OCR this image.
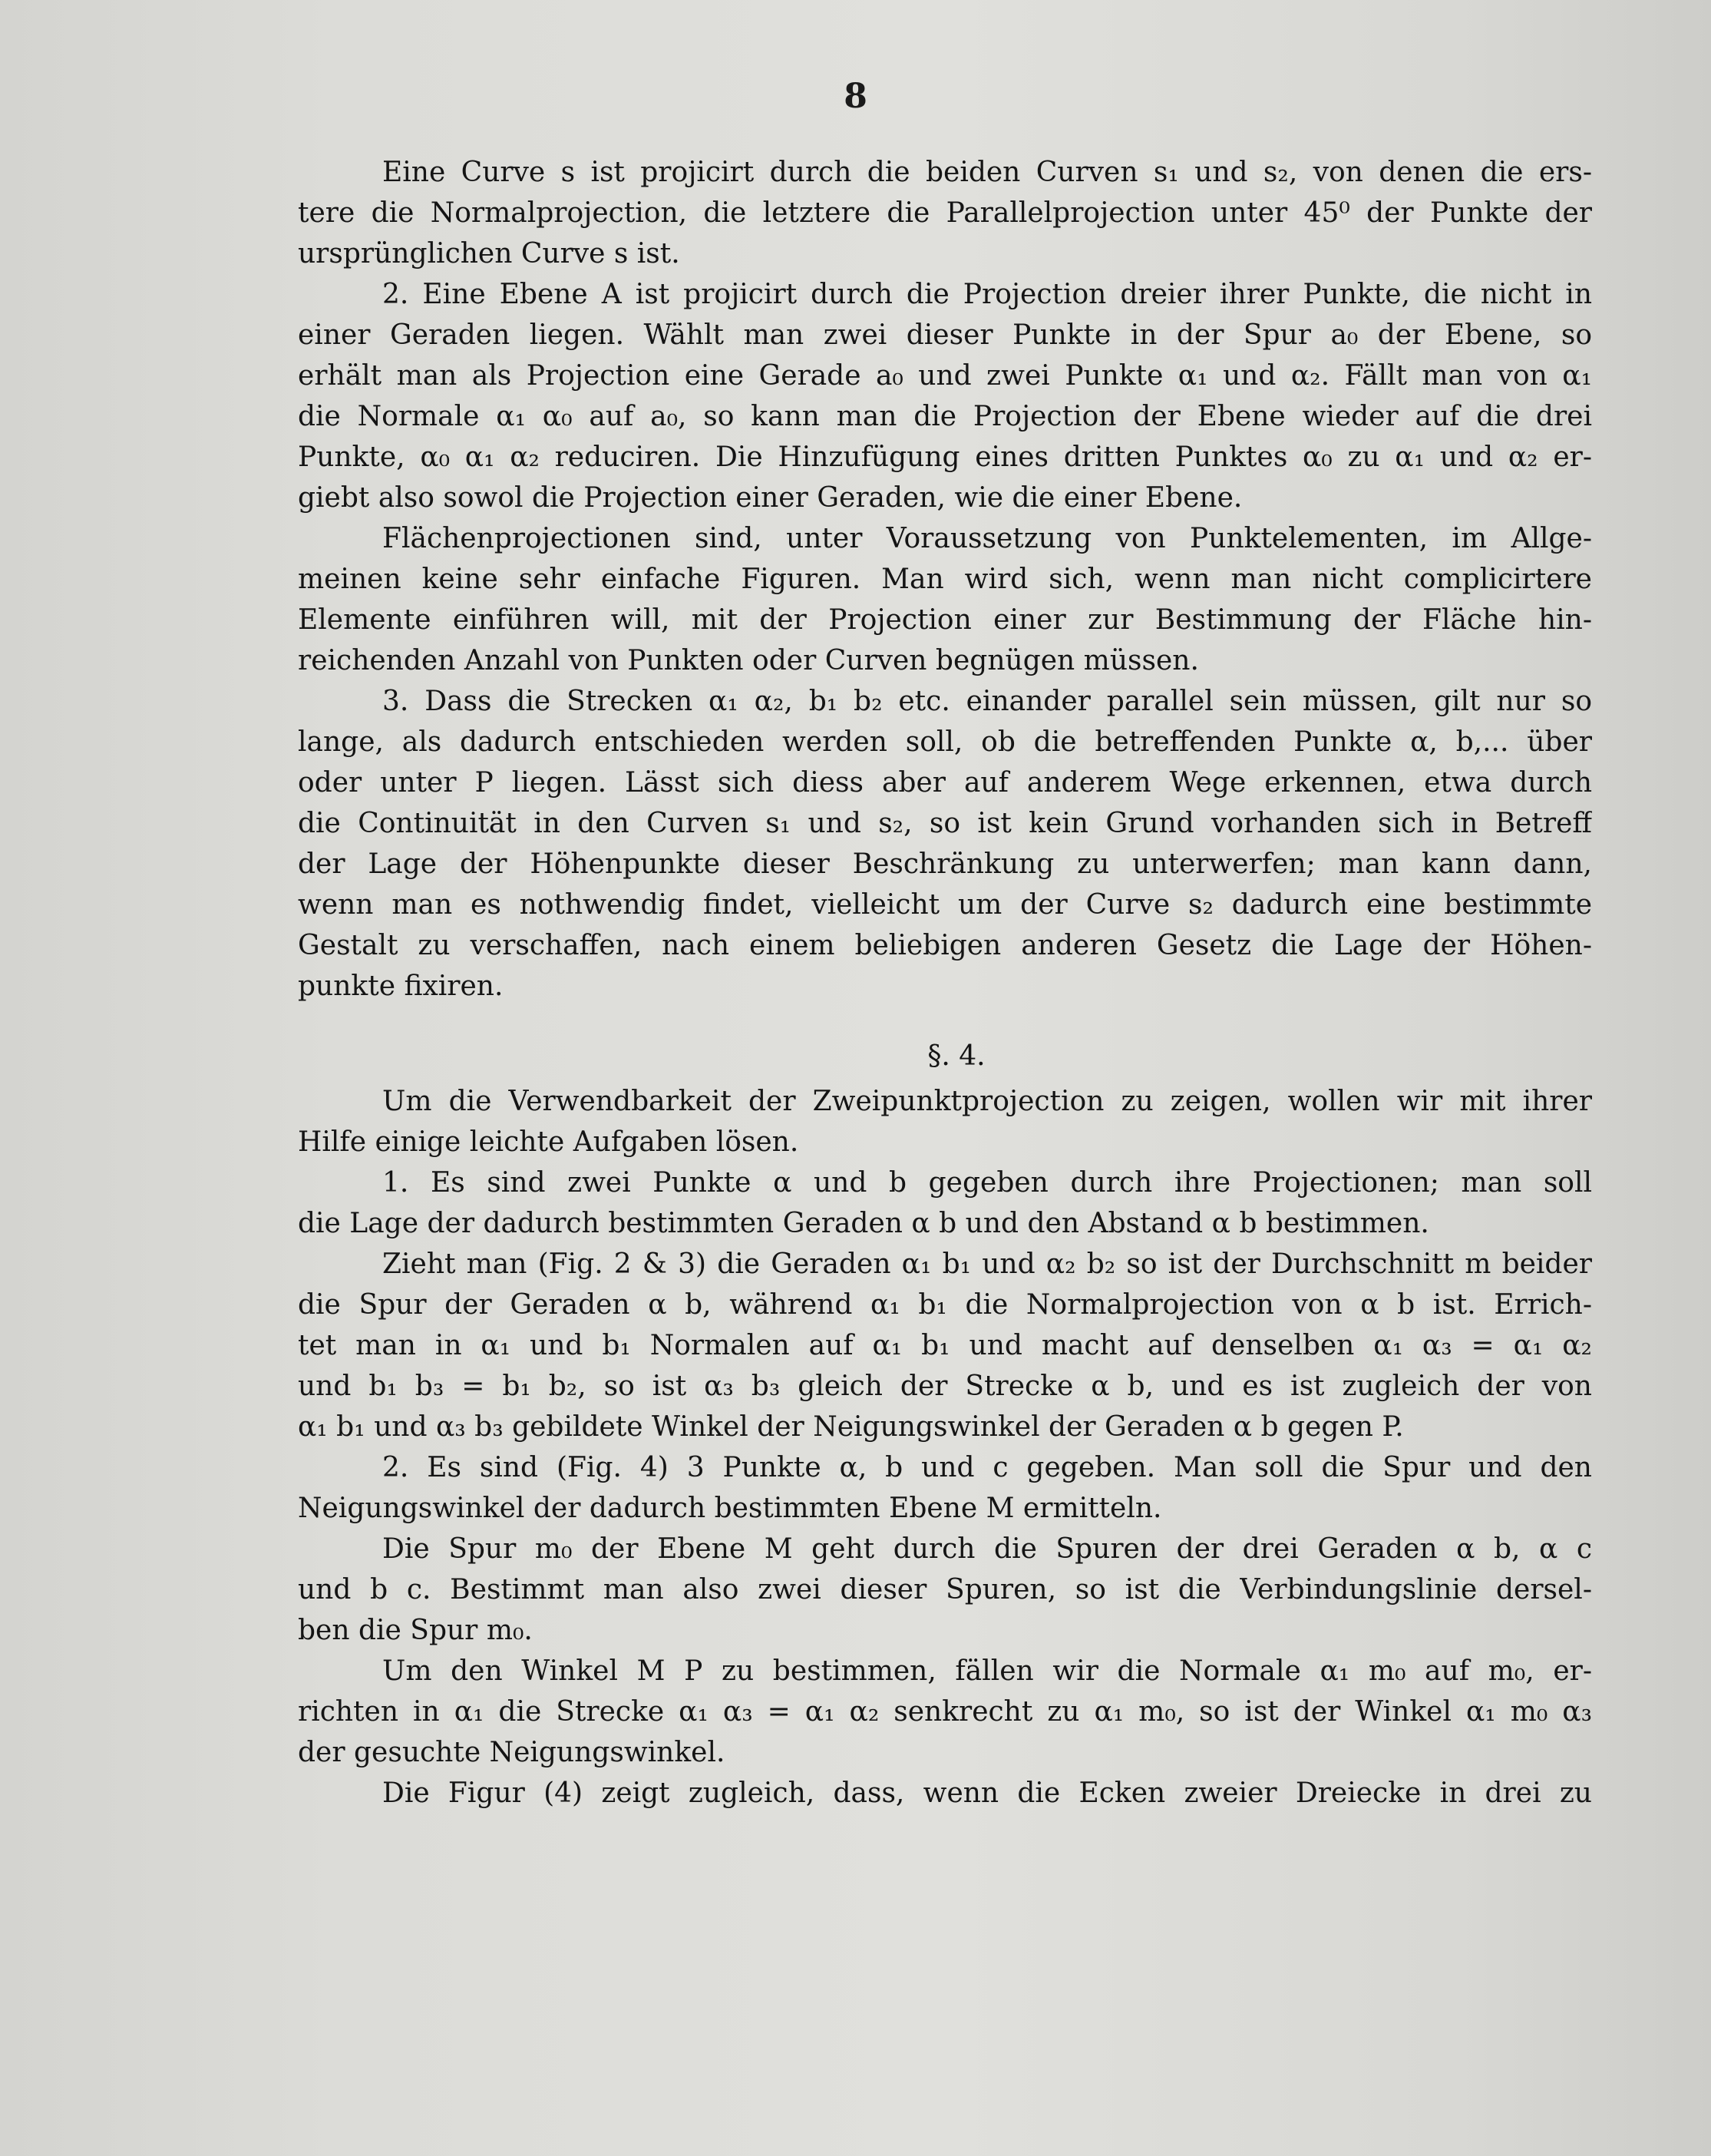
8
Eine Curve s ist projicirt durch die beiden Curven s₁ und s₂, von denen die ers-
tere die Normalprojection, die letztere die Parallelprojection unter 45⁰ der Punkte der
ursprünglichen Curve s ist.
2. Eine Ebene A ist projicirt durch die Projection dreier ihrer Punkte, die nicht in
einer Geraden liegen. Wählt man zwei dieser Punkte in der Spur a₀ der Ebene, so
erhält man als Projection eine Gerade a₀ und zwei Punkte α₁ und α₂. Fällt man von α₁
die Normale α₁ α₀ auf a₀, so kann man die Projection der Ebene wieder auf die drei
Punkte, α₀ α₁ α₂ reduciren. Die Hinzufügung eines dritten Punktes α₀ zu α₁ und α₂ er-
giebt also sowol die Projection einer Geraden, wie die einer Ebene.
Flächenprojectionen sind, unter Voraussetzung von Punktelementen, im Allge-
meinen keine sehr einfache Figuren. Man wird sich, wenn man nicht complicirtere
Elemente einführen will, mit der Projection einer zur Bestimmung der Fläche hin-
reichenden Anzahl von Punkten oder Curven begnügen müssen.
3. Dass die Strecken α₁ α₂, b₁ b₂ etc. einander parallel sein müssen, gilt nur so
lange, als dadurch entschieden werden soll, ob die betreffenden Punkte α, b,... über
oder unter P liegen. Lässt sich diess aber auf anderem Wege erkennen, etwa durch
die Continuität in den Curven s₁ und s₂, so ist kein Grund vorhanden sich in Betreff
der Lage der Höhenpunkte dieser Beschränkung zu unterwerfen; man kann dann,
wenn man es nothwendig findet, vielleicht um der Curve s₂ dadurch eine bestimmte
Gestalt zu verschaffen, nach einem beliebigen anderen Gesetz die Lage der Höhen-
punkte fixiren.
§. 4.
Um die Verwendbarkeit der Zweipunktprojection zu zeigen, wollen wir mit ihrer
Hilfe einige leichte Aufgaben lösen.
1. Es sind zwei Punkte α und b gegeben durch ihre Projectionen; man soll
die Lage der dadurch bestimmten Geraden α b und den Abstand α b bestimmen.
Zieht man (Fig. 2 & 3) die Geraden α₁ b₁ und α₂ b₂ so ist der Durchschnitt m beider
die Spur der Geraden α b, während α₁ b₁ die Normalprojection von α b ist. Errich-
tet man in α₁ und b₁ Normalen auf α₁ b₁ und macht auf denselben α₁ α₃ = α₁ α₂
und b₁ b₃ = b₁ b₂, so ist α₃ b₃ gleich der Strecke α b, und es ist zugleich der von
α₁ b₁ und α₃ b₃ gebildete Winkel der Neigungswinkel der Geraden α b gegen P.
2. Es sind (Fig. 4) 3 Punkte α, b und c gegeben. Man soll die Spur und den
Neigungswinkel der dadurch bestimmten Ebene M ermitteln.
Die Spur m₀ der Ebene M geht durch die Spuren der drei Geraden α b, α c
und b c. Bestimmt man also zwei dieser Spuren, so ist die Verbindungslinie dersel-
ben die Spur m₀.
Um den Winkel M P zu bestimmen, fällen wir die Normale α₁ m₀ auf m₀, er-
richten in α₁ die Strecke α₁ α₃ = α₁ α₂ senkrecht zu α₁ m₀, so ist der Winkel α₁ m₀ α₃
der gesuchte Neigungswinkel.
Die Figur (4) zeigt zugleich, dass, wenn die Ecken zweier Dreiecke in drei zu
